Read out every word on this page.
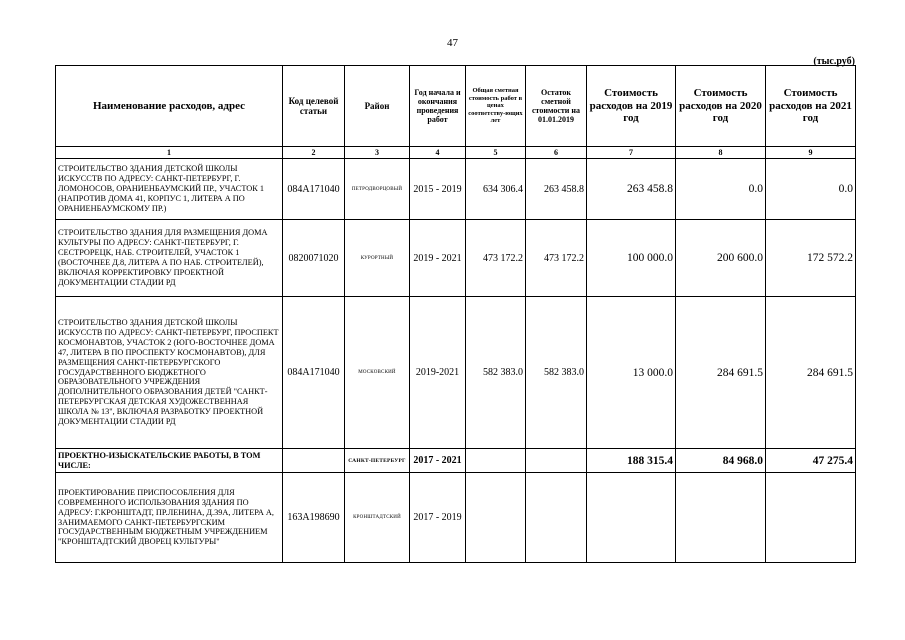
47
(тыс.руб)
Наименование расходов, адрес	Код целевой статьи	Район	Год начала и окончания проведения работ	Общая сметная стоимость работ в ценах соответству-ющих лет	Остаток сметной стоимости на 01.01.2019	Стоимость расходов на 2019 год	Стоимость расходов на 2020 год	Стоимость расходов на 2021 год
1	2	3	4	5	6	7	8	9
СТРОИТЕЛЬСТВО ЗДАНИЯ ДЕТСКОЙ ШКОЛЫ ИСКУССТВ ПО АДРЕСУ: САНКТ-ПЕТЕРБУРГ, Г. ЛОМОНОСОВ, ОРАНИЕНБАУМСКИЙ ПР., УЧАСТОК 1 (НАПРОТИВ ДОМА 41, КОРПУС 1, ЛИТЕРА А ПО ОРАНИЕНБАУМСКОМУ ПР.)	084А171040	ПЕТРОДВОРЦОВЫЙ	2015 - 2019	634 306.4	263 458.8	263 458.8	0.0	0.0
СТРОИТЕЛЬСТВО ЗДАНИЯ ДЛЯ РАЗМЕЩЕНИЯ ДОМА КУЛЬТУРЫ ПО АДРЕСУ: САНКТ-ПЕТЕРБУРГ, Г. СЕСТРОРЕЦК, НАБ. СТРОИТЕЛЕЙ, УЧАСТОК 1 (ВОСТОЧНЕЕ Д.8, ЛИТЕРА А ПО НАБ. СТРОИТЕЛЕЙ), ВКЛЮЧАЯ КОРРЕКТИРОВКУ ПРОЕКТНОЙ ДОКУМЕНТАЦИИ СТАДИИ РД	0820071020	КУРОРТНЫЙ	2019 - 2021	473 172.2	473 172.2	100 000.0	200 600.0	172 572.2
СТРОИТЕЛЬСТВО ЗДАНИЯ ДЕТСКОЙ ШКОЛЫ ИСКУССТВ ПО АДРЕСУ: САНКТ-ПЕТЕРБУРГ, ПРОСПЕКТ КОСМОНАВТОВ, УЧАСТОК 2 (ЮГО-ВОСТОЧНЕЕ ДОМА 47, ЛИТЕРА В ПО ПРОСПЕКТУ КОСМОНАВТОВ), ДЛЯ РАЗМЕЩЕНИЯ САНКТ-ПЕТЕРБУРГСКОГО ГОСУДАРСТВЕННОГО БЮДЖЕТНОГО ОБРАЗОВАТЕЛЬНОГО УЧРЕЖДЕНИЯ ДОПОЛНИТЕЛЬНОГО ОБРАЗОВАНИЯ ДЕТЕЙ "САНКТ-ПЕТЕРБУРГСКАЯ ДЕТСКАЯ ХУДОЖЕСТВЕННАЯ ШКОЛА № 13", ВКЛЮЧАЯ РАЗРАБОТКУ ПРОЕКТНОЙ ДОКУМЕНТАЦИИ СТАДИИ РД	084А171040	МОСКОВСКИЙ	2019-2021	582 383.0	582 383.0	13 000.0	284 691.5	284 691.5
ПРОЕКТНО-ИЗЫСКАТЕЛЬСКИЕ РАБОТЫ, В ТОМ ЧИСЛЕ:		САНКТ-ПЕТЕРБУРГ	2017 - 2021			188 315.4	84 968.0	47 275.4
ПРОЕКТИРОВАНИЕ ПРИСПОСОБЛЕНИЯ ДЛЯ СОВРЕМЕННОГО ИСПОЛЬЗОВАНИЯ ЗДАНИЯ ПО АДРЕСУ: Г.КРОНШТАДТ, ПР.ЛЕНИНА, Д.39А, ЛИТЕРА А, ЗАНИМАЕМОГО САНКТ-ПЕТЕРБУРГСКИМ ГОСУДАРСТВЕННЫМ БЮДЖЕТНЫМ УЧРЕЖДЕНИЕМ "КРОНШТАДТСКИЙ ДВОРЕЦ КУЛЬТУРЫ"	163А198690	КРОНШТАДТСКИЙ	2017 - 2019					
